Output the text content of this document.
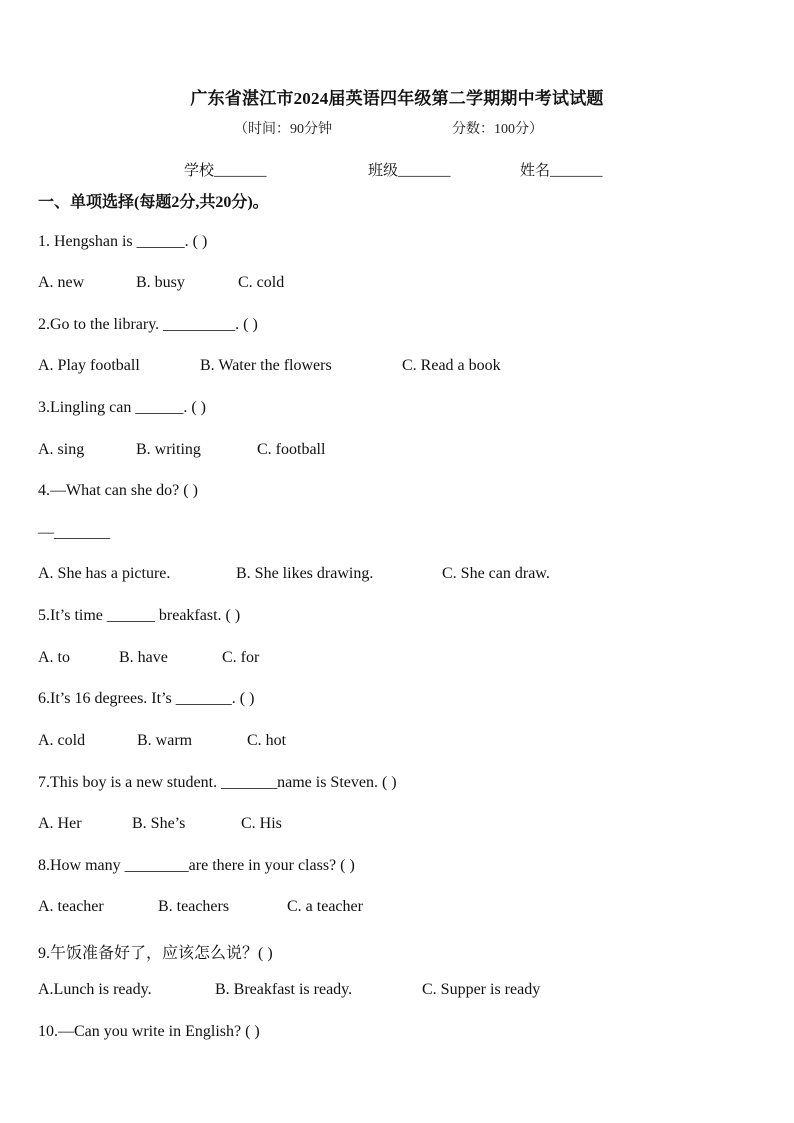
广东省湛江市2024届英语四年级第二学期期中考试试题
（时间：90分钟	分数：100分）
学校_______	班级_______	姓名_______
一、单项选择(每题2分,共20分)。
1. Hengshan is ______. ( )
A. new	B. busy	C. cold
2.Go to the library. _________. ( )
A. Play football	B. Water the flowers	C. Read a book
3.Lingling can ______. ( )
A. sing	B. writing	C. football
4.—What can she do? ( )
—_______
A. She has a picture.	B. She likes drawing.	C. She can draw.
5.It’s time ______ breakfast. ( )
A. to	B. have	C. for
6.It’s 16 degrees. It’s _______. ( )
A. cold	B. warm	C. hot
7.This boy is a new student. _______name is Steven. ( )
A. Her	B. She’s	C. His
8.How many ________are there in your class? ( )
A. teacher	B. teachers	C. a teacher
9.午饭准备好了，应该怎么说？( )
A.Lunch is ready.	B. Breakfast is ready.	C. Supper is ready
10.—Can you write in English? ( )
